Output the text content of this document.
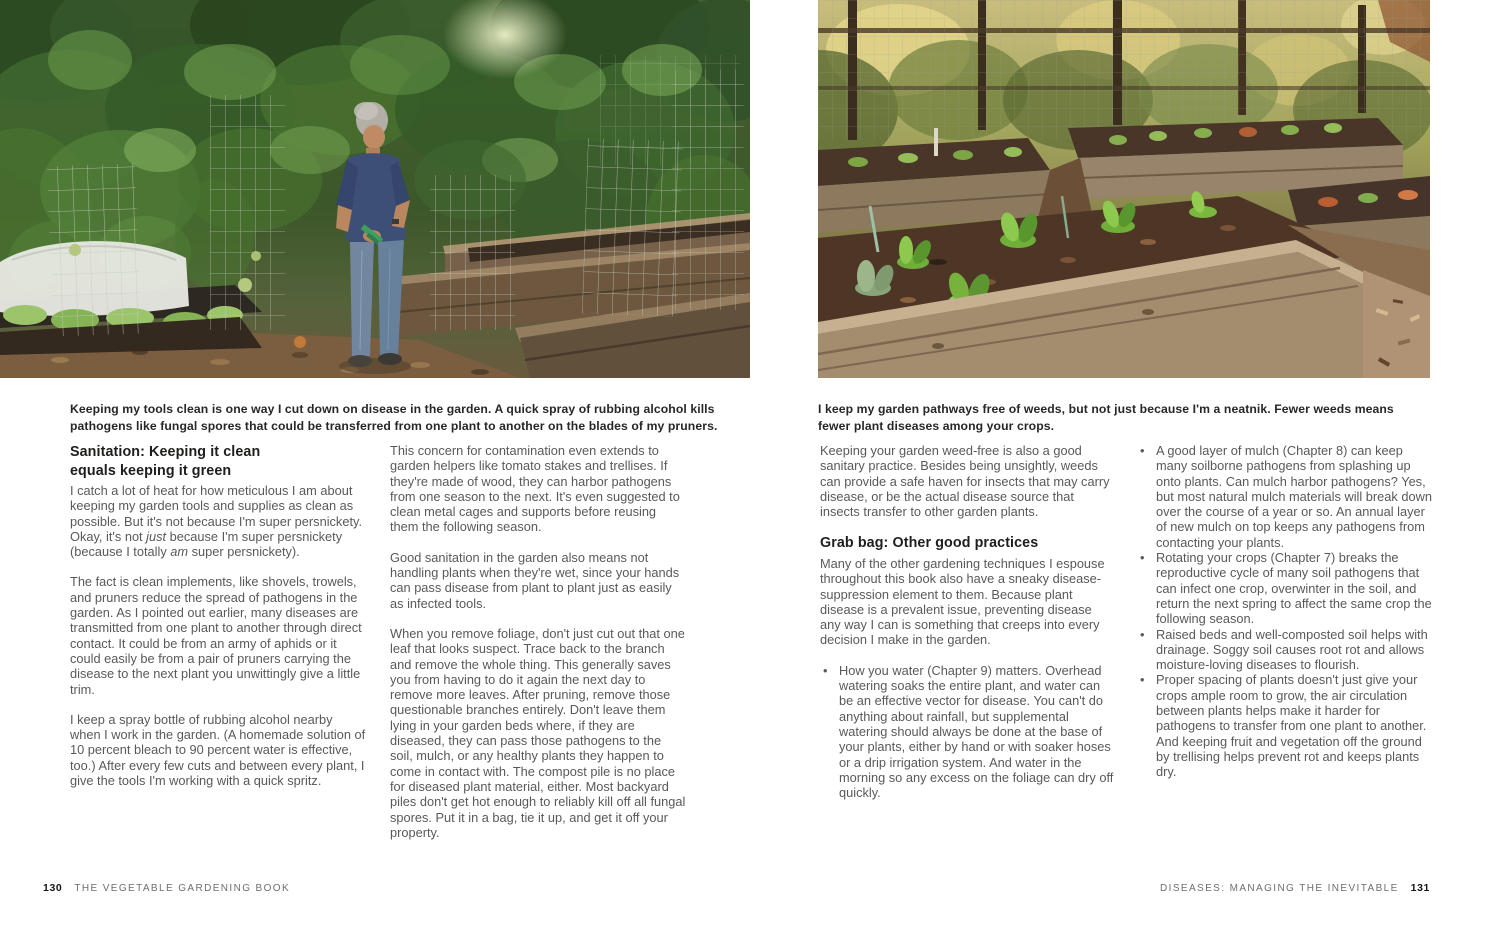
Keeping my tools clean is one way I cut down on disease in the garden. A quick spray of rubbing alcohol kills pathogens like fungal spores that could be transferred from one plant to another on the blades of my pruners.

I keep my garden pathways free of weeds, but not just because I'm a neatnik. Fewer weeds means fewer plant diseases among your crops.

Sanitation: Keeping it clean
equals keeping it green

I catch a lot of heat for how meticulous I am about keeping my garden tools and supplies as clean as possible. But it's not because I'm super persnickety. Okay, it's not just because I'm super persnickety (because I totally am super persnickety).

The fact is clean implements, like shovels, trowels, and pruners reduce the spread of pathogens in the garden. As I pointed out earlier, many diseases are transmitted from one plant to another through direct contact. It could be from an army of aphids or it could easily be from a pair of pruners carrying the disease to the next plant you unwittingly give a little trim.

I keep a spray bottle of rubbing alcohol nearby when I work in the garden. (A homemade solution of 10 percent bleach to 90 percent water is effective, too.) After every few cuts and between every plant, I give the tools I'm working with a quick spritz.

This concern for contamination even extends to garden helpers like tomato stakes and trellises. If they're made of wood, they can harbor pathogens from one season to the next. It's even suggested to clean metal cages and supports before reusing them the following season.

Good sanitation in the garden also means not handling plants when they're wet, since your hands can pass disease from plant to plant just as easily as infected tools.

When you remove foliage, don't just cut out that one leaf that looks suspect. Trace back to the branch and remove the whole thing. This generally saves you from having to do it again the next day to remove more leaves. After pruning, remove those questionable branches entirely. Don't leave them lying in your garden beds where, if they are diseased, they can pass those pathogens to the soil, mulch, or any healthy plants they happen to come in contact with. The compost pile is no place for diseased plant material, either. Most backyard piles don't get hot enough to reliably kill off all fungal spores. Put it in a bag, tie it up, and get it off your property.

Keeping your garden weed-free is also a good sanitary practice. Besides being unsightly, weeds can provide a safe haven for insects that may carry disease, or be the actual disease source that insects transfer to other garden plants.

Grab bag: Other good practices

Many of the other gardening techniques I espouse throughout this book also have a sneaky disease-suppression element to them. Because plant disease is a prevalent issue, preventing disease any way I can is something that creeps into every decision I make in the garden.

• How you water (Chapter 9) matters. Overhead watering soaks the entire plant, and water can be an effective vector for disease. You can't do anything about rainfall, but supplemental watering should always be done at the base of your plants, either by hand or with soaker hoses or a drip irrigation system. And water in the morning so any excess on the foliage can dry off quickly.
• A good layer of mulch (Chapter 8) can keep many soilborne pathogens from splashing up onto plants. Can mulch harbor pathogens? Yes, but most natural mulch materials will break down over the course of a year or so. An annual layer of new mulch on top keeps any pathogens from contacting your plants.
• Rotating your crops (Chapter 7) breaks the reproductive cycle of many soil pathogens that can infect one crop, overwinter in the soil, and return the next spring to affect the same crop the following season.
• Raised beds and well-composted soil helps with drainage. Soggy soil causes root rot and allows moisture-loving diseases to flourish.
• Proper spacing of plants doesn't just give your crops ample room to grow, the air circulation between plants helps make it harder for pathogens to transfer from one plant to another. And keeping fruit and vegetation off the ground by trellising helps prevent rot and keeps plants dry.
130 THE VEGETABLE GARDENING BOOK	DISEASES: MANAGING THE INEVITABLE 131
